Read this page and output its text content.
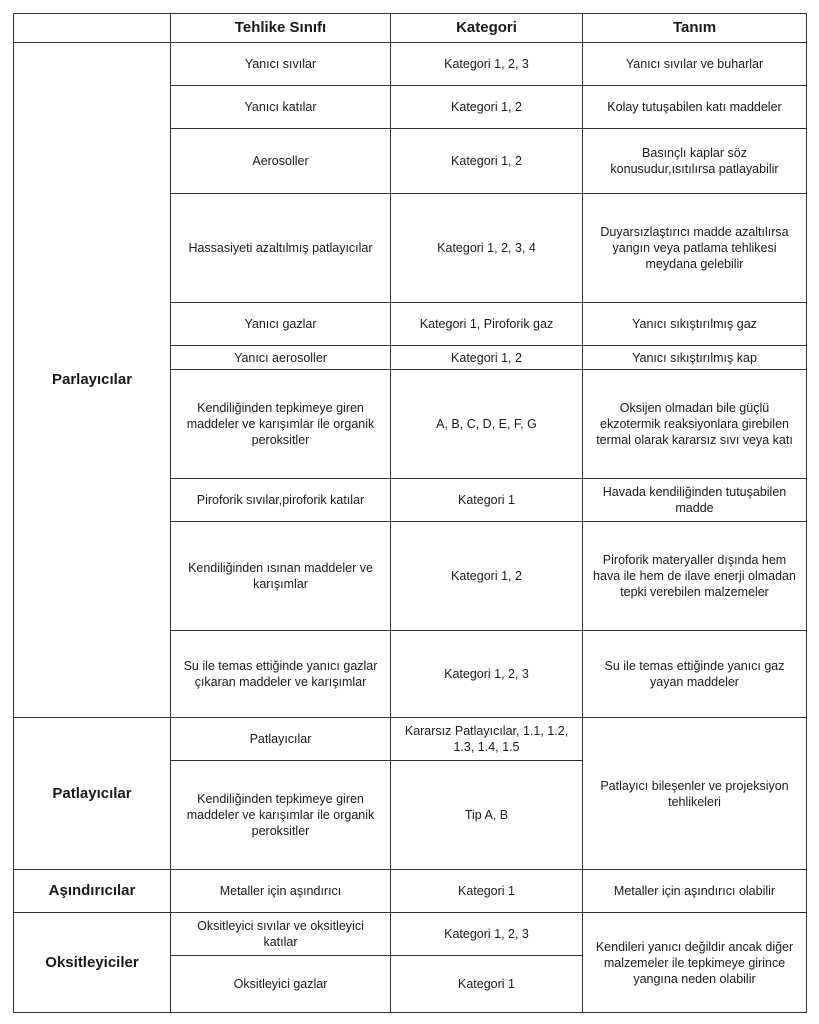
	Tehlike Sınıfı	Kategori	Tanım
Parlayıcılar	Yanıcı sıvılar	Kategori 1, 2, 3	Yanıcı sıvılar ve buharlar
	Yanıcı katılar	Kategori 1, 2	Kolay tutuşabilen katı maddeler
	Aerosoller	Kategori 1, 2	Basınçlı kaplar söz konusudur,ısıtılırsa patlayabilir
	Hassasiyeti azaltılmış patlayıcılar	Kategori 1, 2, 3, 4	Duyarsızlaştırıcı madde azaltılırsa yangın veya patlama tehlikesi meydana gelebilir
	Yanıcı gazlar	Kategori 1, Piroforik gaz	Yanıcı sıkıştırılmış gaz
	Yanıcı aerosoller	Kategori 1, 2	Yanıcı sıkıştırılmış kap
	Kendiliğinden tepkimeye giren maddeler ve karışımlar ile organik peroksitler	A, B, C, D, E, F, G	Oksijen olmadan bile güçlü ekzotermik reaksiyonlara girebilen termal olarak kararsız sıvı veya katı
	Piroforik sıvılar,piroforik katılar	Kategori 1	Havada kendiliğinden tutuşabilen madde
	Kendiliğinden ısınan maddeler ve karışımlar	Kategori 1, 2	Piroforik materyaller dışında hem hava ile hem de ilave enerji olmadan tepki verebilen malzemeler
	Su ile temas ettiğinde yanıcı gazlar çıkaran maddeler ve karışımlar	Kategori 1, 2, 3	Su ile temas ettiğinde yanıcı gaz yayan maddeler
Patlayıcılar	Patlayıcılar	Kararsız Patlayıcılar, 1.1, 1.2, 1.3, 1.4, 1.5	Patlayıcı bileşenler ve projeksiyon tehlikeleri
	Kendiliğinden tepkimeye giren maddeler ve karışımlar ile organik peroksitler	Tip A, B	
Aşındırıcılar	Metaller için aşındırıcı	Kategori 1	Metaller için aşındırıcı olabilir
Oksitleyiciler	Oksitleyici sıvılar ve oksitleyici katılar	Kategori 1, 2, 3	Kendileri yanıcı değildir ancak diğer malzemeler ile tepkimeye girince yangına neden olabilir
	Oksitleyici gazlar	Kategori 1	
